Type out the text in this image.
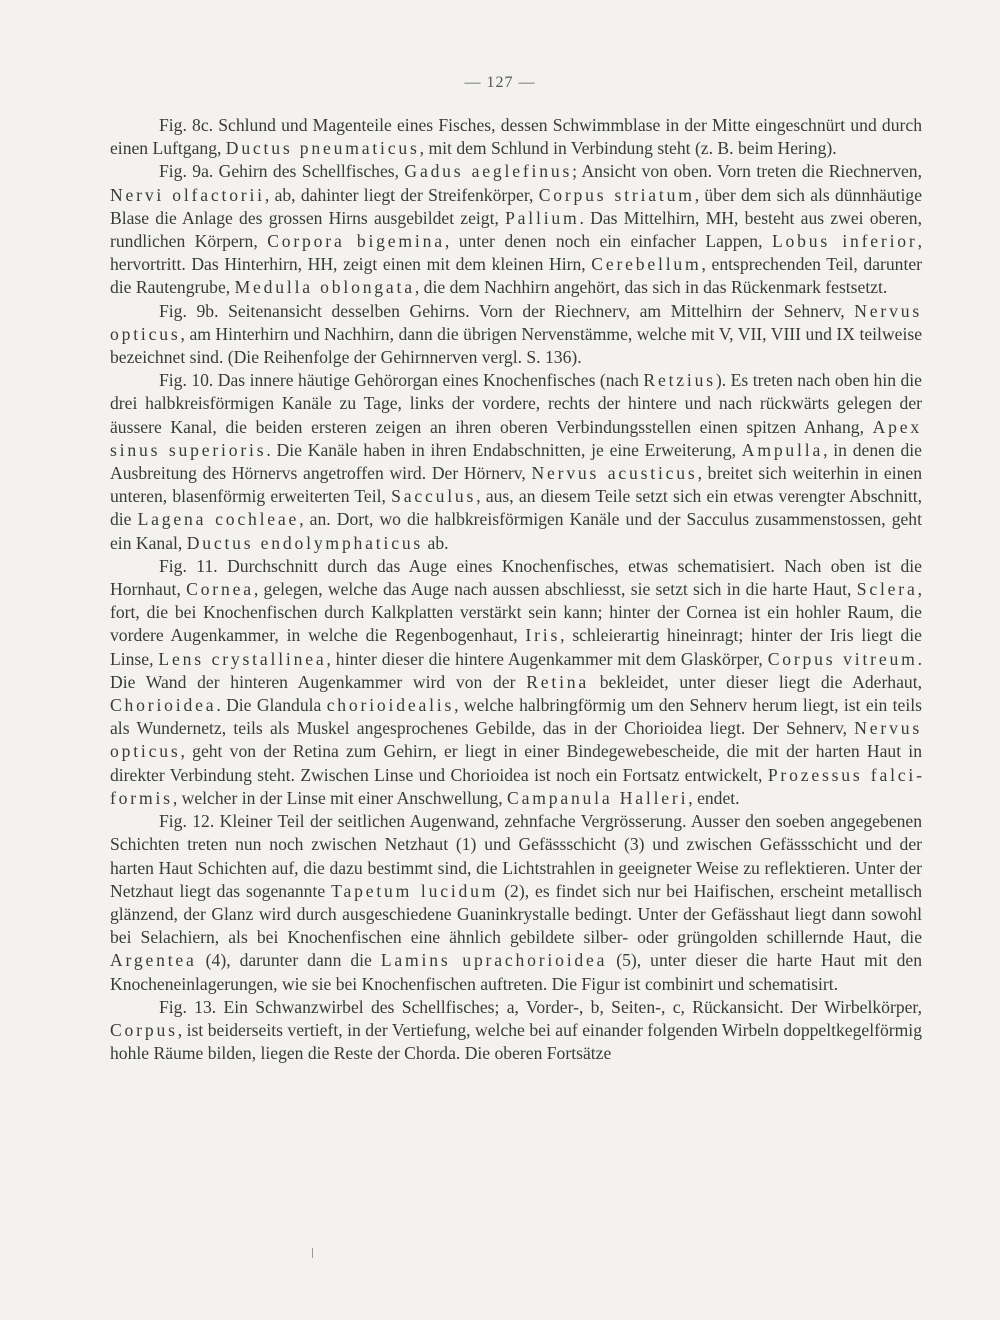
— 127 —

Fig. 8c. Schlund und Magenteile eines Fisches, dessen Schwimmblase in der Mitte eingeschnürt und durch einen Luftgang, Ductus pneumaticus, mit dem Schlund in Verbindung steht (z. B. beim Hering).

Fig. 9a. Gehirn des Schellfisches, Gadus aeglefinus; Ansicht von oben. Vorn treten die Riechnerven, Nervi olfactorii, ab, dahinter liegt der Streifenkörper, Corpus striatum, über dem sich als dünnhäutige Blase die Anlage des grossen Hirns ausgebildet zeigt, Pallium. Das Mittelhirn, MH, besteht aus zwei oberen, rundlichen Körpern, Corpora bigemina, unter denen noch ein einfacher Lappen, Lobus inferior, hervortritt. Das Hinterhirn, HH, zeigt einen mit dem kleinen Hirn, Cerebellum, entsprechenden Teil, darunter die Rautengrube, Medulla oblongata, die dem Nachhirn angehört, das sich in das Rückenmark festsetzt.

Fig. 9b. Seitenansicht desselben Gehirns. Vorn der Riechnerv, am Mittelhirn der Sehnerv, Nervus opticus, am Hinterhirn und Nachhirn, dann die übrigen Nervenstämme, welche mit V, VII, VIII und IX teilweise bezeichnet sind. (Die Reihenfolge der Gehirnnerven vergl. S. 136).

Fig. 10. Das innere häutige Gehörorgan eines Knochenfisches (nach Retzius). Es treten nach oben hin die drei halbkreisförmigen Kanäle zu Tage, links der vordere, rechts der hintere und nach rückwärts gelegen der äussere Kanal, die beiden ersteren zeigen an ihren oberen Verbindungsstellen einen spitzen Anhang, Apex sinus superioris. Die Kanäle haben in ihren Endabschnitten, je eine Erweiterung, Ampulla, in denen die Ausbreitung des Hörnervs angetroffen wird. Der Hörnerv, Nervus acusticus, breitet sich weiterhin in einen unteren, blasenförmig erweiterten Teil, Sacculus, aus, an diesem Teile setzt sich ein etwas verengter Abschnitt, die Lagena cochleae, an. Dort, wo die halbkreisförmigen Kanäle und der Sacculus zusammenstossen, geht ein Kanal, Ductus endolymphaticus ab.

Fig. 11. Durchschnitt durch das Auge eines Knochenfisches, etwas schematisiert. Nach oben ist die Hornhaut, Cornea, gelegen, welche das Auge nach aussen abschliesst, sie setzt sich in die harte Haut, Sclera, fort, die bei Knochenfischen durch Kalkplatten verstärkt sein kann; hinter der Cornea ist ein hohler Raum, die vordere Augenkammer, in welche die Regenbogenhaut, Iris, schleierartig hineinragt; hinter der Iris liegt die Linse, Lens crystallinea, hinter dieser die hintere Augenkammer mit dem Glaskörper, Corpus vitreum. Die Wand der hinteren Augenkammer wird von der Retina bekleidet, unter dieser liegt die Aderhaut, Chorioidea. Die Glandula chorioidealis, welche halbringförmig um den Sehnerv herum liegt, ist ein teils als Wundernetz, teils als Muskel angesprochenes Gebilde, das in der Chorioidea liegt. Der Sehnerv, Nervus opticus, geht von der Retina zum Gehirn, er liegt in einer Bindegewebescheide, die mit der harten Haut in direkter Verbindung steht. Zwischen Linse und Chorioidea ist noch ein Fortsatz entwickelt, Prozessus falciformis, welcher in der Linse mit einer Anschwellung, Campanula Halleri, endet.

Fig. 12. Kleiner Teil der seitlichen Augenwand, zehnfache Vergrösserung. Ausser den soeben angegebenen Schichten treten nun noch zwischen Netzhaut (1) und Gefässschicht (3) und zwischen Gefässschicht und der harten Haut Schichten auf, die dazu bestimmt sind, die Lichtstrahlen in geeigneter Weise zu reflektieren. Unter der Netzhaut liegt das sogenannte Tapetum lucidum (2), es findet sich nur bei Haifischen, erscheint metallisch glänzend, der Glanz wird durch ausgeschiedene Guaninkrystalle bedingt. Unter der Gefässhaut liegt dann sowohl bei Selachiern, als bei Knochenfischen eine ähnlich gebildete silber- oder grüngolden schillernde Haut, die Argentea (4), darunter dann die Lamins uprachorioidea (5), unter dieser die harte Haut mit den Knocheneinlagerungen, wie sie bei Knochenfischen auftreten. Die Figur ist combinirt und schematisirt.

Fig. 13. Ein Schwanzwirbel des Schellfisches; a, Vorder-, b, Seiten-, c, Rückansicht. Der Wirbelkörper, Corpus, ist beiderseits vertieft, in der Vertiefung, welche bei auf einander folgenden Wirbeln doppeltkegelförmig hohle Räume bilden, liegen die Reste der Chorda. Die oberen Fortsätze
